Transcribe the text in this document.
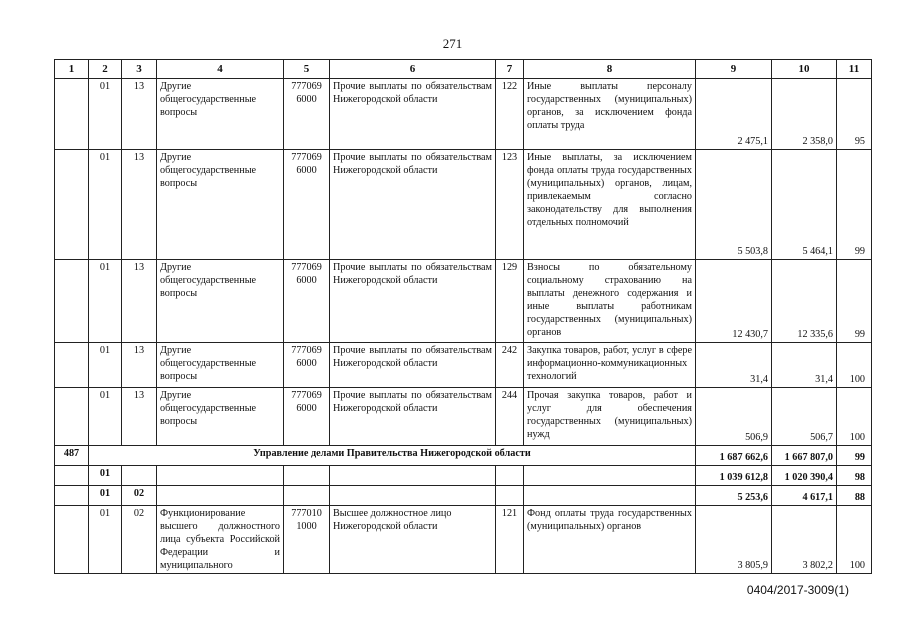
271
1	2	3	4	5	6	7	8	9	10	11
	01	13	Другие общегосударственные вопросы	777069 6000	Прочие выплаты по обязательствам Нижегородской области	122	Иные выплаты персоналу государственных (муниципальных) органов, за исключением фонда оплаты труда	2 475,1	2 358,0	95
	01	13	Другие общегосударственные вопросы	777069 6000	Прочие выплаты по обязательствам Нижегородской области	123	Иные выплаты, за исключением фонда оплаты труда государственных (муниципальных) органов, лицам, привлекаемым согласно законодательству для выполнения отдельных полномочий	5 503,8	5 464,1	99
	01	13	Другие общегосударственные вопросы	777069 6000	Прочие выплаты по обязательствам Нижегородской области	129	Взносы по обязательному социальному страхованию на выплаты денежного содержания и иные выплаты работникам государственных (муниципальных) органов	12 430,7	12 335,6	99
	01	13	Другие общегосударственные вопросы	777069 6000	Прочие выплаты по обязательствам Нижегородской области	242	Закупка товаров, работ, услуг в сфере информационно-коммуникационных технологий	31,4	31,4	100
	01	13	Другие общегосударственные вопросы	777069 6000	Прочие выплаты по обязательствам Нижегородской области	244	Прочая закупка товаров, работ и услуг для обеспечения государственных (муниципальных) нужд	506,9	506,7	100
487	Управление делами Правительства Нижегородской области							1 687 662,6	1 667 807,0	99
	01							1 039 612,8	1 020 390,4	98
	01	02						5 253,6	4 617,1	88
	01	02	Функционирование высшего должностного лица субъекта Российской Федерации и муниципального	777010 1000	Высшее должностное лицо Нижегородской области	121	Фонд оплаты труда государственных (муниципальных) органов	3 805,9	3 802,2	100
0404/2017-3009(1)
